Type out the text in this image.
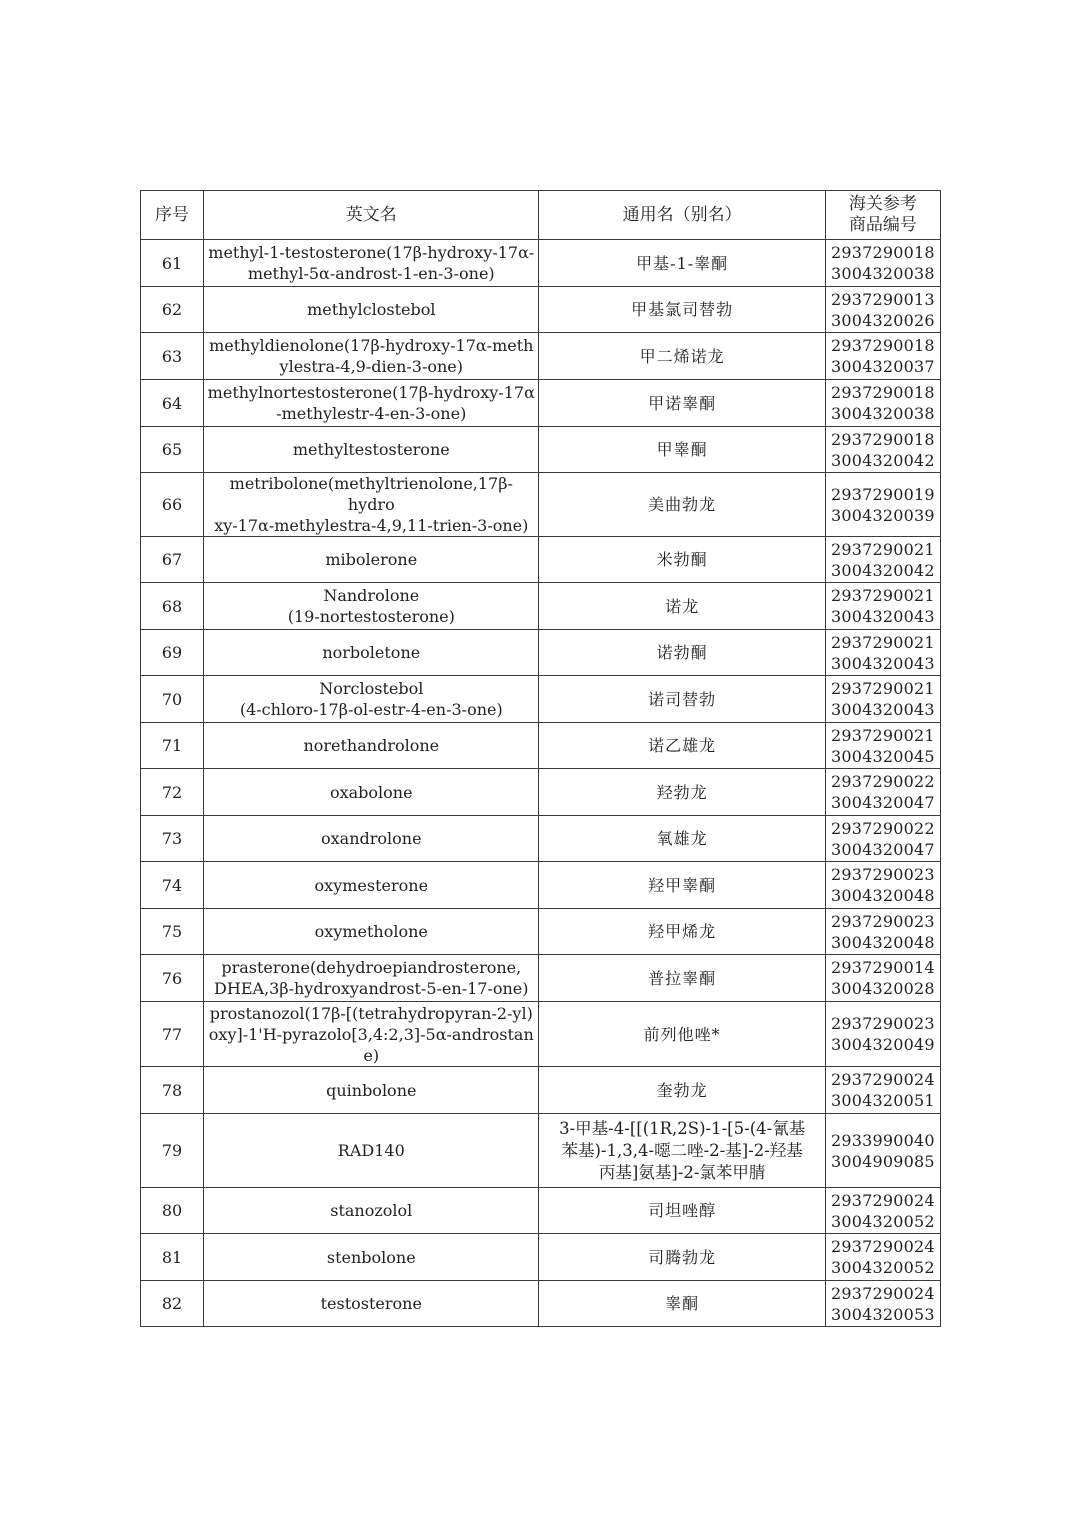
序号	英文名	通用名（别名）	海关参考
商品编号

61	methyl-1-testosterone(17β-hydroxy-17α-
methyl-5α-androst-1-en-3-one)	甲基-1-睾酮	2937290018
3004320038

62	methylclostebol	甲基氯司替勃	2937290013
3004320026

63	methyldienolone(17β-hydroxy-17α-meth
ylestra-4,9-dien-3-one)	甲二烯诺龙	2937290018
3004320037

64	methylnortestosterone(17β-hydroxy-17α
-methylestr-4-en-3-one)	甲诺睾酮	2937290018
3004320038

65	methyltestosterone	甲睾酮	2937290018
3004320042

66	metribolone(methyltrienolone,17β-hydro
xy-17α-methylestra-4,9,11-trien-3-one)	美曲勃龙	2937290019
3004320039

67	mibolerone	米勃酮	2937290021
3004320042

68	Nandrolone
(19-nortestosterone)	诺龙	2937290021
3004320043

69	norboletone	诺勃酮	2937290021
3004320043

70	Norclostebol
(4-chloro-17β-ol-estr-4-en-3-one)	诺司替勃	2937290021
3004320043

71	norethandrolone	诺乙雄龙	2937290021
3004320045

72	oxabolone	羟勃龙	2937290022
3004320047

73	oxandrolone	氧雄龙	2937290022
3004320047

74	oxymesterone	羟甲睾酮	2937290023
3004320048

75	oxymetholone	羟甲烯龙	2937290023
3004320048

76	prasterone(dehydroepiandrosterone,
DHEA,3β-hydroxyandrost-5-en-17-one)	普拉睾酮	2937290014
3004320028

77	prostanozol(17β-[(tetrahydropyran-2-yl)
oxy]-1'H-pyrazolo[3,4:2,3]-5α-androstan
e)	前列他唑*	2937290023
3004320049

78	quinbolone	奎勃龙	2937290024
3004320051

79	RAD140	3-甲基-4-[[(1R,2S)-1-[5-(4-氰基
苯基)-1,3,4-噁二唑-2-基]-2-羟基
丙基]氨基]-2-氯苯甲腈	2933990040
3004909085

80	stanozolol	司坦唑醇	2937290024
3004320052

81	stenbolone	司腾勃龙	2937290024
3004320052

82	testosterone	睾酮	2937290024
3004320053
